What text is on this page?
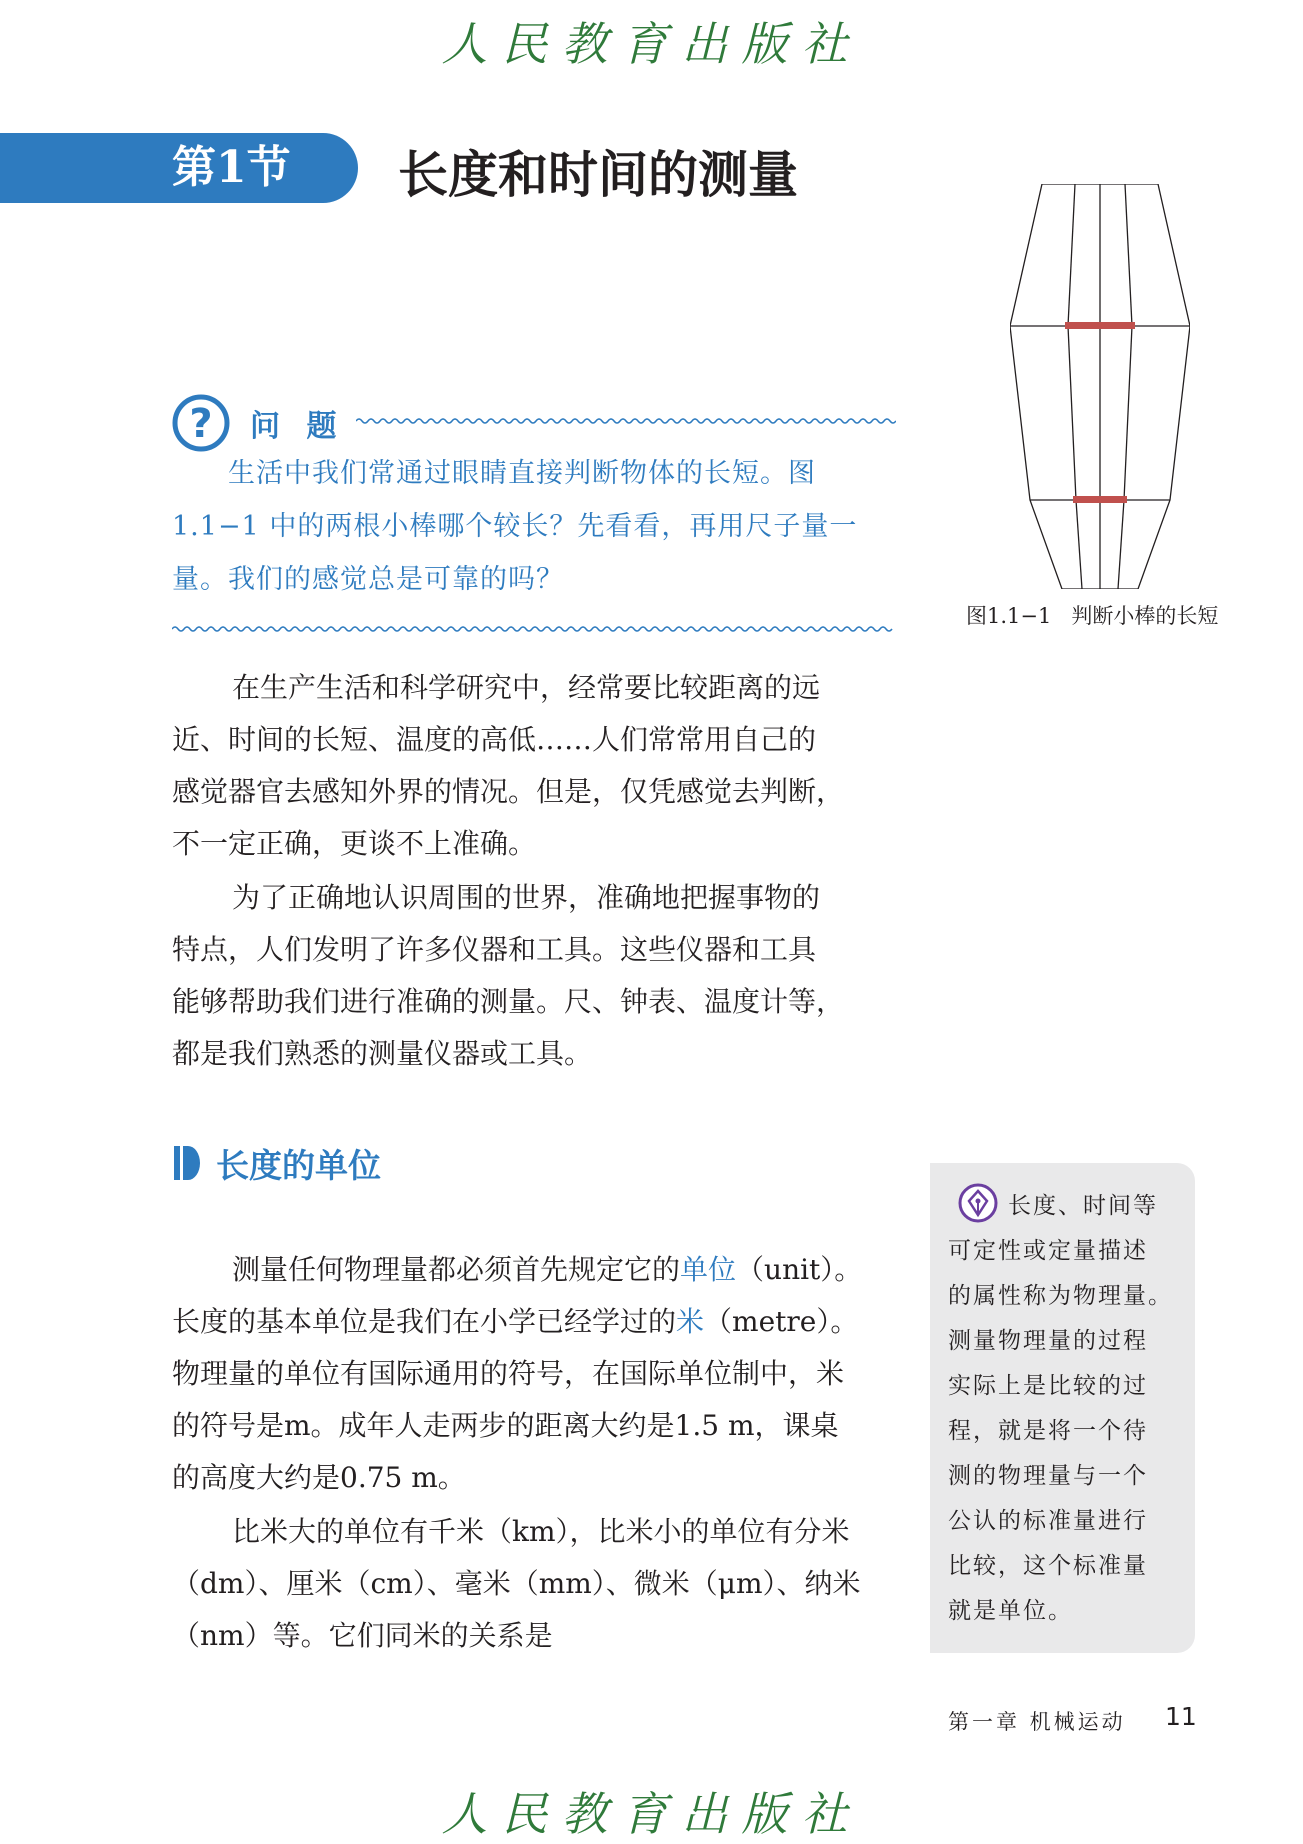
人民教育出版社
第1节	长度和时间的测量
? 问 题
生活中我们常通过眼睛直接判断物体的长短。图
1.1−1 中的两根小棒哪个较长？先看看，再用尺子量一
量。我们的感觉总是可靠的吗？
图1.1−1   判断小棒的长短
在生产生活和科学研究中，经常要比较距离的远
近、时间的长短、温度的高低……人们常常用自己的
感觉器官去感知外界的情况。但是，仅凭感觉去判断，
不一定正确，更谈不上准确。
为了正确地认识周围的世界，准确地把握事物的
特点，人们发明了许多仪器和工具。这些仪器和工具
能够帮助我们进行准确的测量。尺、钟表、温度计等，
都是我们熟悉的测量仪器或工具。
长度的单位
测量任何物理量都必须首先规定它的单位（unit）。
长度的基本单位是我们在小学已经学过的米（metre）。
物理量的单位有国际通用的符号，在国际单位制中，米
的符号是m。成年人走两步的距离大约是1.5 m，课桌
的高度大约是0.75 m。
比米大的单位有千米（km），比米小的单位有分米
（dm）、厘米（cm）、毫米（mm）、微米（μm）、纳米
（nm）等。它们同米的关系是
长度、时间等
可定性或定量描述
的属性称为物理量。
测量物理量的过程
实际上是比较的过
程，就是将一个待
测的物理量与一个
公认的标准量进行
比较，这个标准量
就是单位。
第一章 机械运动 11
人民教育出版社
